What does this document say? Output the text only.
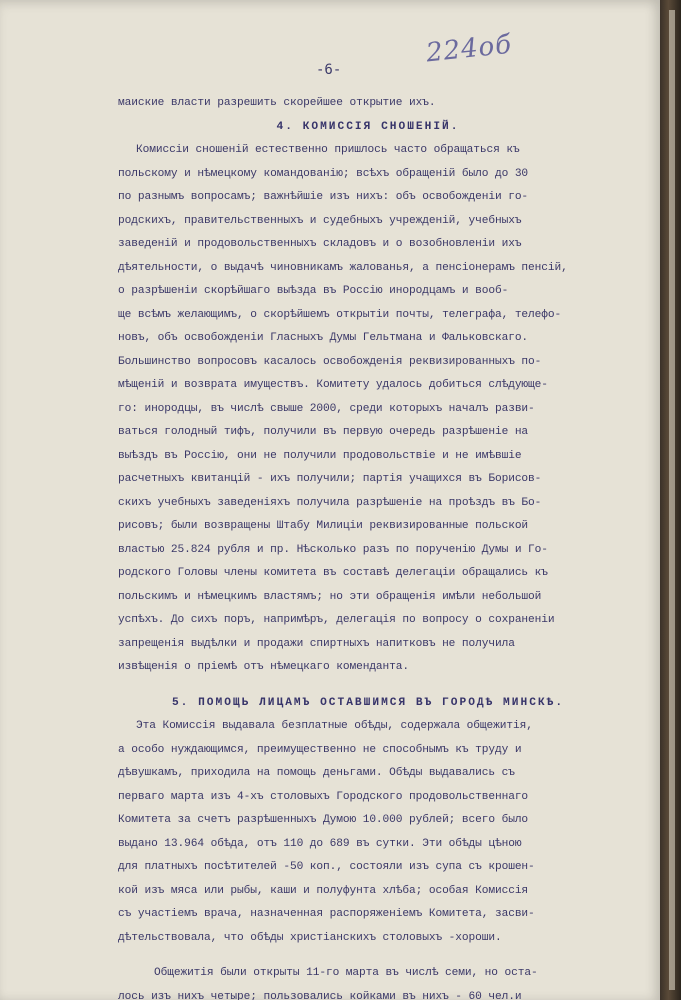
224об
-6-
маиские власти разрешить скорейшее открытие ихъ.
4. КОМИССІЯ СНОШЕНІЙ.
Комиссіи сношеній естественно пришлось часто обращаться къ
польскому и нѣмецкому командованію; всѣхъ обращеній было до 30
по разнымъ вопросамъ; важнѣйшіе изъ нихъ: объ освобожденіи го-
родскихъ, правительственныхъ и судебныхъ учрежденій, учебныхъ
заведеній и продовольственныхъ складовъ и о возобновленіи ихъ
дѣятельности, о выдачѣ чиновникамъ жалованья, а пенсіонерамъ пенсій,
о разрѣшеніи скорѣйшаго выѣзда въ Россію инородцамъ и вооб-
ще всѣмъ желающимъ, о скорѣйшемъ открытіи почты, телеграфа, телефо-
новъ, объ освобожденіи Гласныхъ Думы Гельтмана и Фальковскаго.
Большинство вопросовъ касалось освобожденія реквизированныхъ по-
мѣщеній и возврата имуществъ. Комитету удалось добиться слѣдующе-
го: инородцы, въ числѣ свыше 2000, среди которыхъ началъ разви-
ваться голодный тифъ, получили въ первую очередь разрѣшеніе на
выѣздъ въ Россію, они не получили продовольствіе и не имѣвшіе
расчетныхъ квитанцій - ихъ получили; партія учащихся въ Борисов-
скихъ учебныхъ заведеніяхъ получила разрѣшеніе на проѣздъ въ Бо-
рисовъ; были возвращены Штабу Милиціи реквизированные польской
властью 25.824 рубля и пр. Нѣсколько разъ по порученію Думы и Го-
родского Головы члены комитета въ составѣ делегаціи обращались къ
польскимъ и нѣмецкимъ властямъ; но эти обращенія имѣли небольшой
успѣхъ. До сихъ поръ, напримѣръ, делегація по вопросу о сохраненіи
запрещенія выдѣлки и продажи спиртныхъ напитковъ не получила
извѣщенія о пріемѣ отъ нѣмецкаго коменданта.
5. ПОМОЩЬ ЛИЦАМЪ ОСТАВШИМСЯ ВЪ ГОРОДѢ МИНСКѢ.
Эта Комиссія выдавала безплатные обѣды, содержала общежитія,
а особо нуждающимся, преимущественно не способнымъ къ труду и
дѣвушкамъ, приходила на помощь деньгами. Обѣды выдавались съ
перваго марта изъ 4-хъ столовыхъ Городского продовольственнаго
Комитета за счетъ разрѣшенныхъ Думою 10.000 рублей; всего было
выдано 13.964 обѣда, отъ 110 до 689 въ сутки. Эти обѣды цѣною
для платныхъ посѣтителей -50 коп., состояли изъ супа съ крошен-
кой изъ мяса или рыбы, каши и полуфунта хлѣба; особая Комиссія
съ участіемъ врача, назначенная распоряженіемъ Комитета, засви-
дѣтельствовала, что обѣды христіанскихъ столовыхъ -хороши.
Общежитія были открыты 11-го марта въ числѣ семи, но оста-
лось изъ нихъ четыре; пользовались койками въ нихъ - 60 чел.и
